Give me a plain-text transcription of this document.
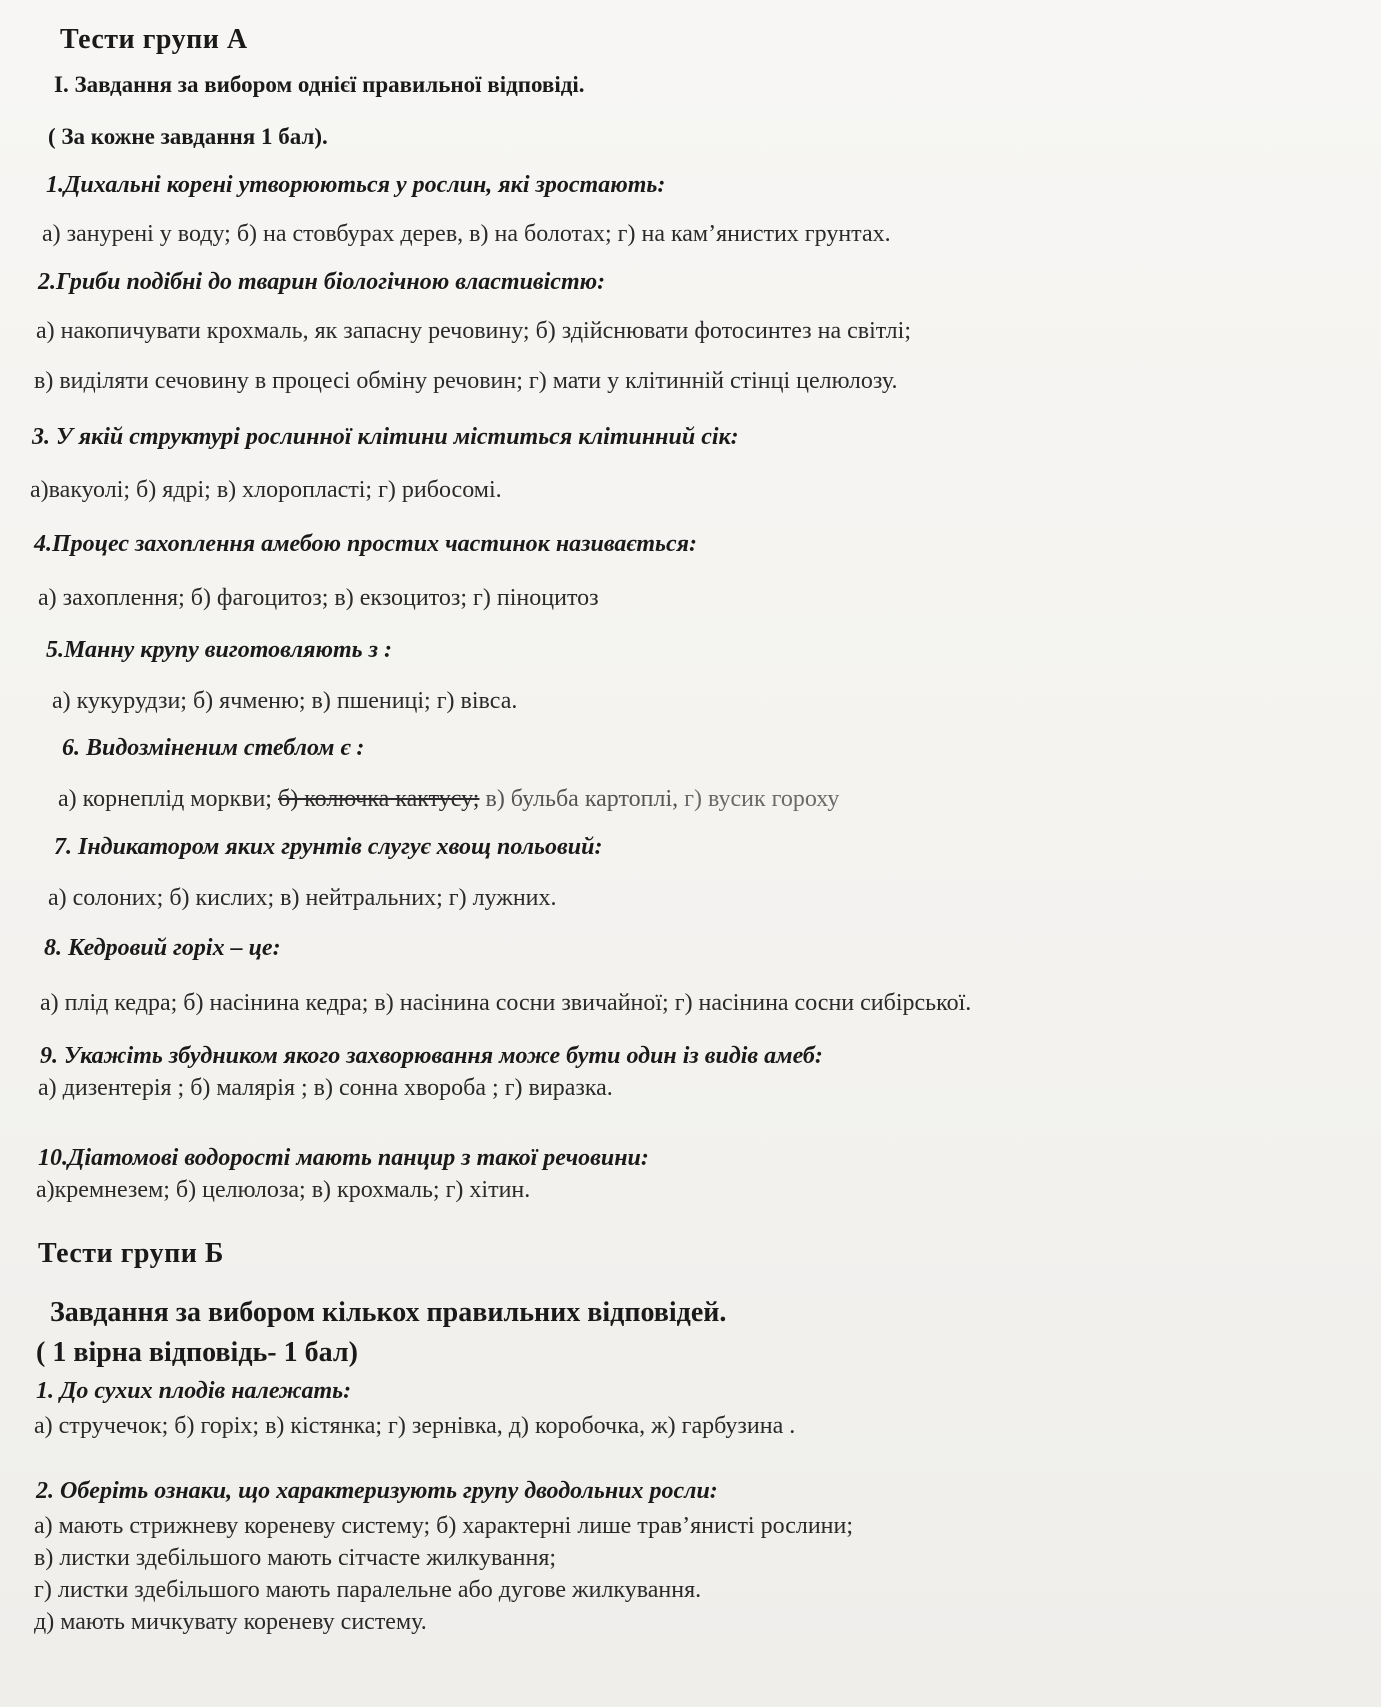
Тести групи А
І. Завдання за вибором однієї правильної відповіді.
( За кожне завдання 1 бал).
1.Дихальні корені утворюються у рослин, які зростають:
а) занурені у воду; б) на стовбурах дерев, в) на болотах; г) на кам’янистих грунтах.
2.Гриби подібні до тварин біологічною властивістю:
а) накопичувати крохмаль, як запасну речовину; б) здійснювати фотосинтез на світлі;
в) виділяти сечовину в процесі обміну речовин; г) мати у клітинній стінці целюлозу.
3. У якій структурі рослинної клітини міститься клітинний сік:
а)вакуолі; б) ядрі; в) хлоропласті; г) рибосомі.
4.Процес захоплення амебою простих частинок називається:
а) захоплення; б) фагоцитоз; в) екзоцитоз; г) піноцитоз
5.Манну крупу виготовляють з :
а) кукурудзи; б) ячменю; в) пшениці; г) вівса.
6. Видозміненим стеблом є :
а) корнеплід моркви; б) колючка кактусу; в) бульба картоплі, г) вусик гороху
7. Індикатором яких грунтів слугує хвощ польовий:
а) солоних; б) кислих; в) нейтральних; г) лужних.
8. Кедровий горіх – це:
а) плід кедра; б) насінина кедра; в) насінина сосни звичайної; г) насінина сосни сибірської.
9. Укажіть збудником якого захворювання може бути один із видів амеб:
а) дизентерія ; б) малярія ; в) сонна хвороба ; г) виразка.
10.Діатомові водорості мають панцир з такої речовини:
а)кремнезем; б) целюлоза; в) крохмаль; г) хітин.
Тести групи Б
Завдання за вибором кількох правильних відповідей.
( 1 вірна відповідь- 1 бал)
1. До сухих плодів належать:
а) стручечок; б) горіх; в) кістянка; г) зернівка, д) коробочка, ж) гарбузина .
2. Оберіть ознаки, що характеризують групу дводольних росли:
а) мають стрижневу кореневу систему; б) характерні лише трав’янисті рослини;
в) листки здебільшого мають сітчасте жилкування;
г) листки здебільшого мають паралельне або дугове жилкування.
д) мають мичкувату кореневу систему.
